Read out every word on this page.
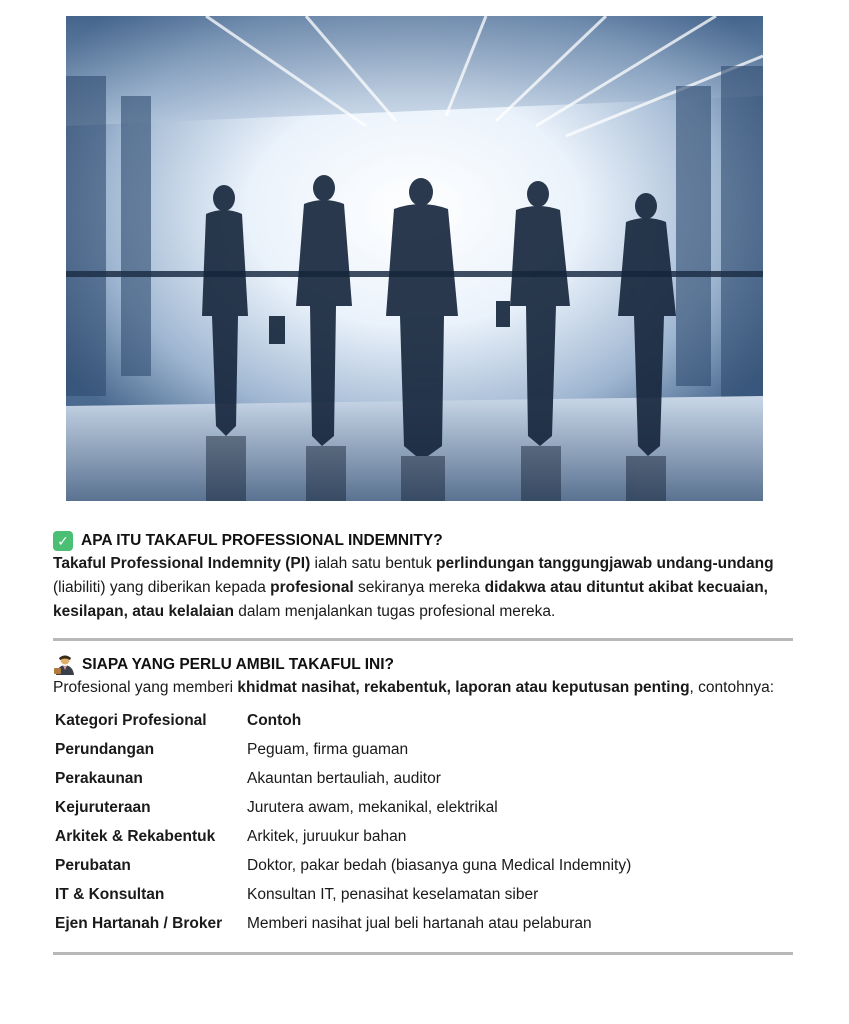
✓ APA ITU TAKAFUL PROFESSIONAL INDEMNITY?

Takaful Professional Indemnity (PI) ialah satu bentuk perlindungan tanggungjawab undang-undang (liabiliti) yang diberikan kepada profesional sekiranya mereka didakwa atau dituntut akibat kecuaian, kesilapan, atau kelalaian dalam menjalankan tugas profesional mereka.

SIAPA YANG PERLU AMBIL TAKAFUL INI?

Profesional yang memberi khidmat nasihat, rekabentuk, laporan atau keputusan penting, contohnya:

Kategori Profesional	Contoh
Perundangan	Peguam, firma guaman
Perakaunan	Akauntan bertauliah, auditor
Kejuruteraan	Jurutera awam, mekanikal, elektrikal
Arkitek & Rekabentuk	Arkitek, juruukur bahan
Perubatan	Doktor, pakar bedah (biasanya guna Medical Indemnity)
IT & Konsultan	Konsultan IT, penasihat keselamatan siber
Ejen Hartanah / Broker	Memberi nasihat jual beli hartanah atau pelaburan
